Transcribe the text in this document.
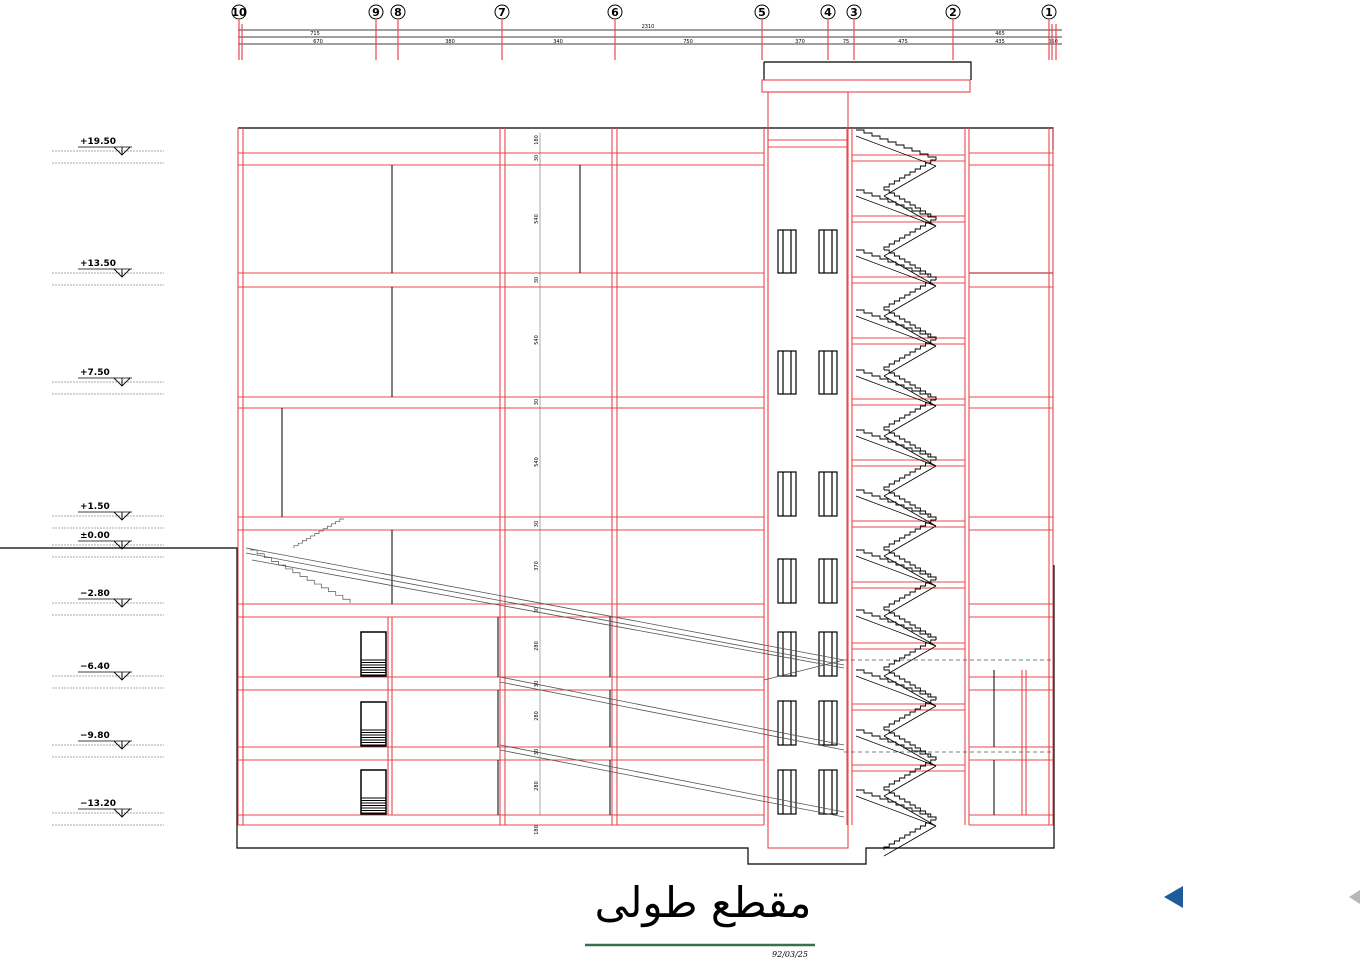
2310
715	465
670	380	340	750	370	75	475	435	050
10	9 8	7	6	5	4 3	2	1
+19.50
+13.50
+7.50
+1.50
±0.00
−2.80
−6.40
−9.80
−13.20
180
30
540
30
540
30
540
30
370
30
280
30
280
30
280
180
مقطع طولی
92/03/25
